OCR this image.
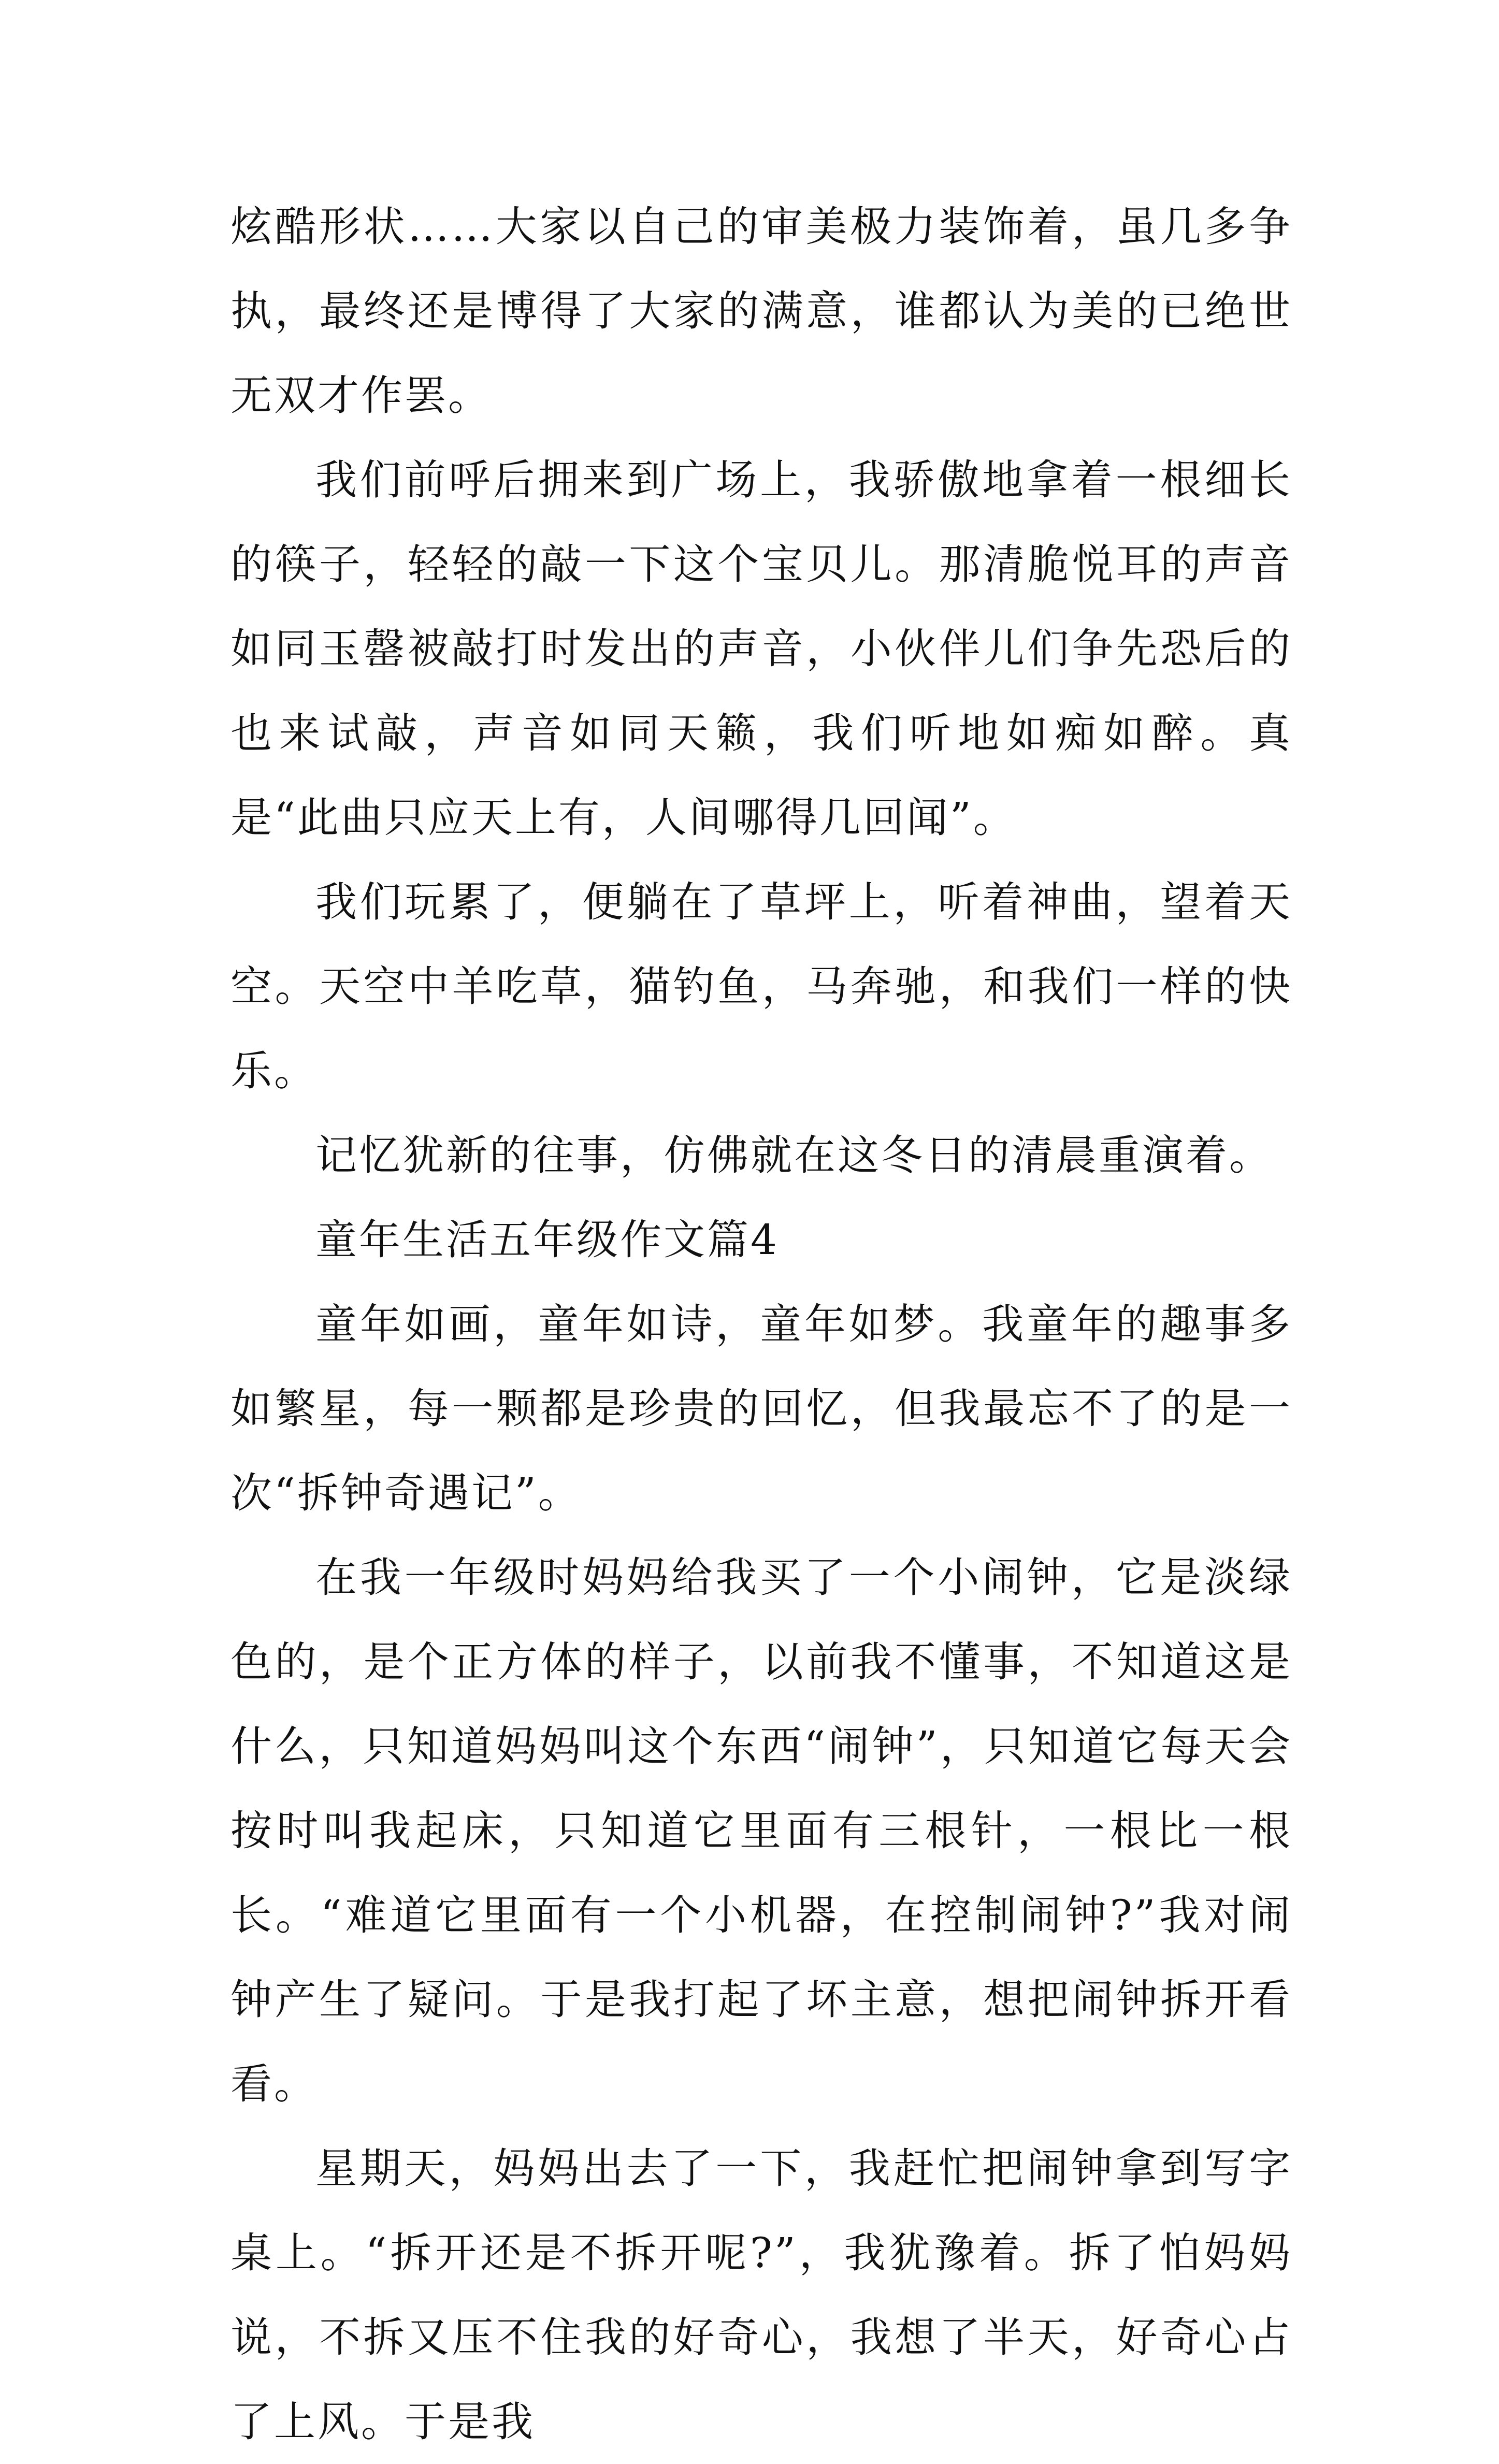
炫酷形状……大家以自己的审美极力装饰着，虽几多争执，最终还是博得了大家的满意，谁都认为美的已绝世无双才作罢。

我们前呼后拥来到广场上，我骄傲地拿着一根细长的筷子，轻轻的敲一下这个宝贝儿。那清脆悦耳的声音如同玉罄被敲打时发出的声音，小伙伴儿们争先恐后的也来试敲，声音如同天籁，我们听地如痴如醉。真是“此曲只应天上有，人间哪得几回闻”。

我们玩累了，便躺在了草坪上，听着神曲，望着天空。天空中羊吃草，猫钓鱼，马奔驰，和我们一样的快乐。

记忆犹新的往事，仿佛就在这冬日的清晨重演着。

童年生活五年级作文篇4

童年如画，童年如诗，童年如梦。我童年的趣事多如繁星，每一颗都是珍贵的回忆，但我最忘不了的是一次“拆钟奇遇记”。

在我一年级时妈妈给我买了一个小闹钟，它是淡绿色的，是个正方体的样子，以前我不懂事，不知道这是什么，只知道妈妈叫这个东西“闹钟”，只知道它每天会按时叫我起床，只知道它里面有三根针，一根比一根长。“难道它里面有一个小机器，在控制闹钟?”我对闹钟产生了疑问。于是我打起了坏主意，想把闹钟拆开看看。

星期天，妈妈出去了一下，我赶忙把闹钟拿到写字桌上。“拆开还是不拆开呢?”，我犹豫着。拆了怕妈妈说，不拆又压不住我的好奇心，我想了半天，好奇心占了上风。于是我
